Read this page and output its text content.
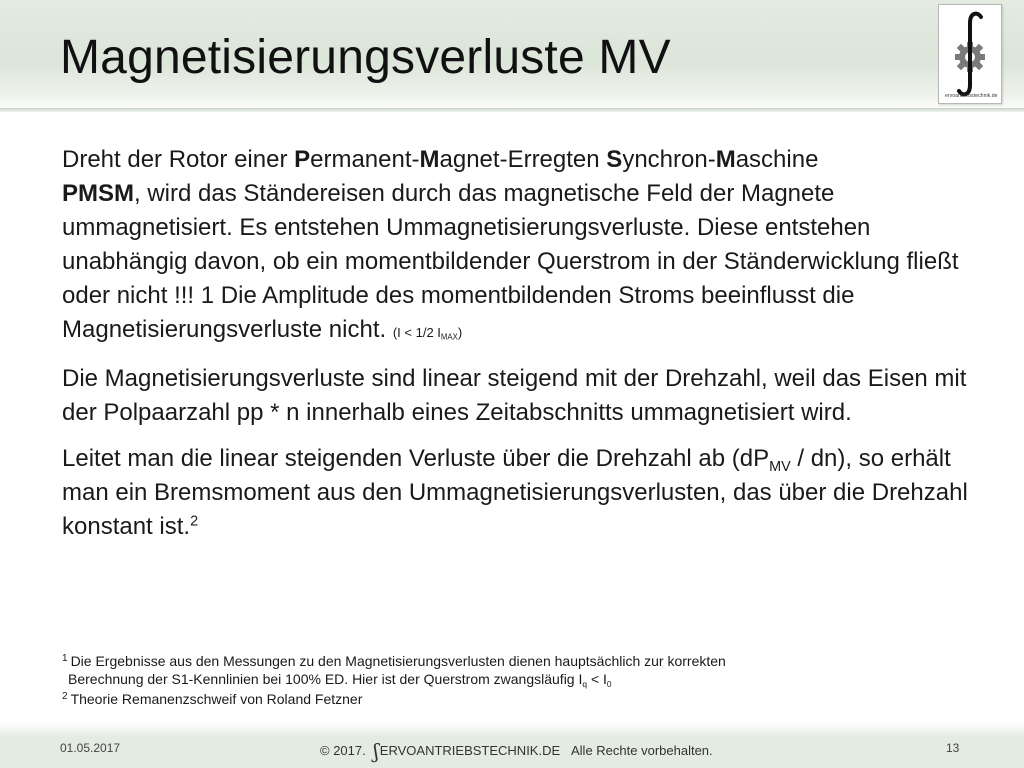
Magnetisierungsverluste MV
ervoantriebstechnik.de

Dreht der Rotor einer Permanent-Magnet-Erregten Synchron-Maschine
PMSM, wird das Ständereisen durch das magnetische Feld der Magnete ummagnetisiert. Es entstehen Ummagnetisierungsverluste. Diese entstehen unabhängig davon, ob ein momentbildender Querstrom in der Ständerwicklung fließt oder nicht !!! 1 Die Amplitude des momentbildenden Stroms beeinflusst die Magnetisierungsverluste nicht. (I < 1/2 $I_{MAX}$)

Die Magnetisierungsverluste sind linear steigend mit der Drehzahl, weil das Eisen mit der Polpaarzahl pp * n innerhalb eines Zeitabschnitts ummagnetisiert wird.

Leitet man die linear steigenden Verluste über die Drehzahl ab $(dP_{MV} / dn)$, so erhält man ein Bremsmoment aus den Ummagnetisierungsverlusten, das über die Drehzahl konstant ist.$^2$

$^1$ Die Ergebnisse aus den Messungen zu den Magnetisierungsverlusten dienen hauptsächlich zur korrekten
Berechnung der S1-Kennlinien bei 100% ED. Hier ist der Querstrom zwangsläufig $I_q < I_0$
$^2$ Theorie Remanenzschweif von Roland Fetzner
01.05.2017	© 2017. ʃERVOANTRIEBSTECHNIK.DE Alle Rechte vorbehalten.	13
